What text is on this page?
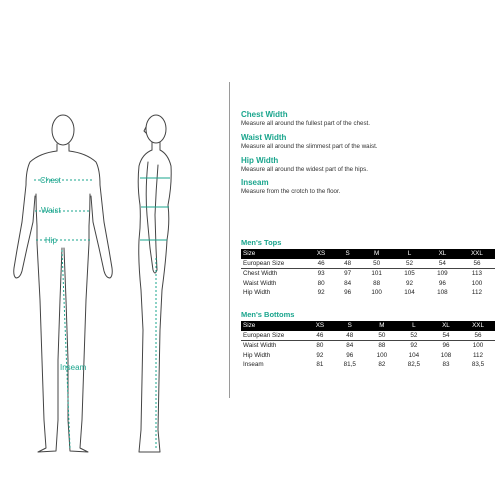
Chest
Waist
Hip
Inseam
Chest Width
Measure all around the fullest part of the chest.
Waist Width
Measure all around the slimmest part of the waist.
Hip Width
Measure all around the widest part of the hips.
Inseam
Measure from the crotch to the floor.
Men's Tops
Size	XS	S	M	L	XL	XXL
European Size	46	48	50	52	54	56
Chest Width	93	97	101	105	109	113
Waist Width	80	84	88	92	96	100
Hip Width	92	96	100	104	108	112
Men's Bottoms
Size	XS	S	M	L	XL	XXL
European Size	46	48	50	52	54	56
Waist Width	80	84	88	92	96	100
Hip Width	92	96	100	104	108	112
Inseam	81	81,5	82	82,5	83	83,5
